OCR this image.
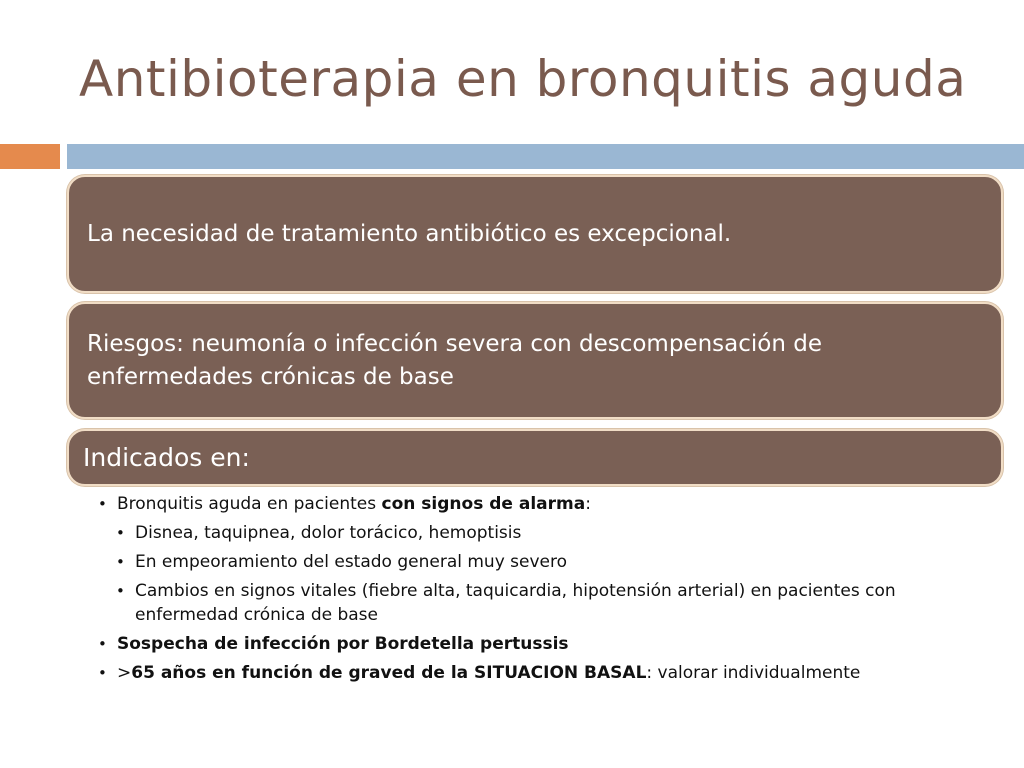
Antibioterapia en bronquitis aguda
La necesidad de tratamiento antibiótico es excepcional.
Riesgos: neumonía o infección severa con descompensación de enfermedades crónicas de base
Indicados en:
• Bronquitis aguda en pacientes con signos de alarma:
• Disnea, taquipnea, dolor torácico, hemoptisis
• En empeoramiento del estado general muy severo
• Cambios en signos vitales (fiebre alta, taquicardia, hipotensión arterial) en pacientes con enfermedad crónica de base
• Sospecha de infección por Bordetella pertussis
• >65 años en función de graved de la SITUACION BASAL: valorar individualmente
